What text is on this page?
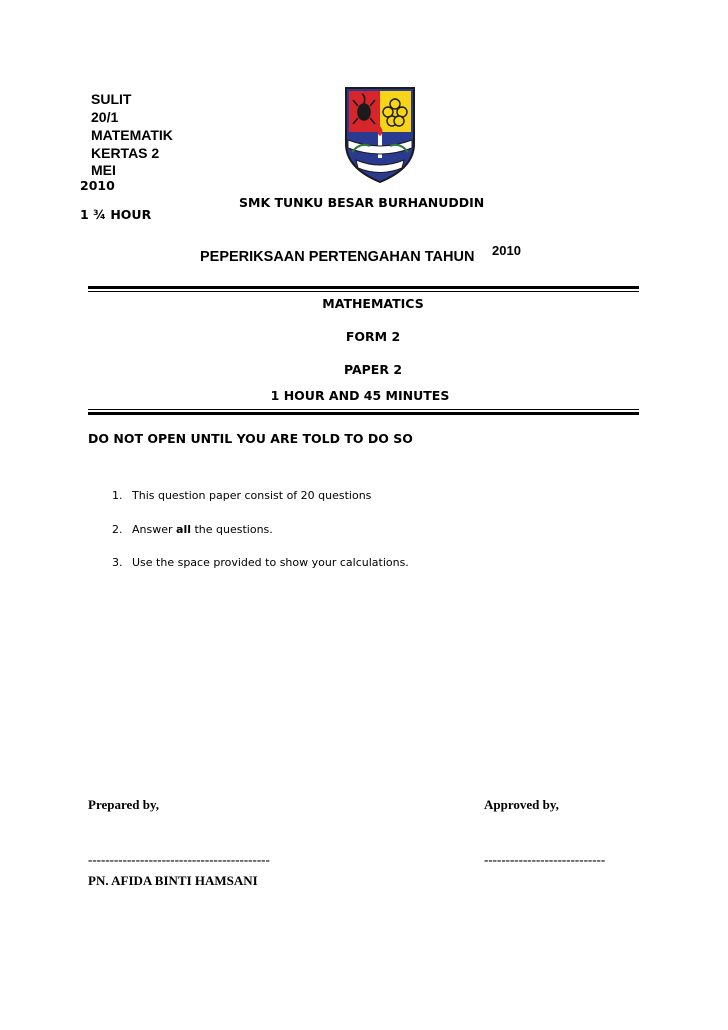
SULIT
20/1
MATEMATIK
KERTAS 2
MEI
2010
1 ¾ HOUR
SMK TUNKU BESAR BURHANUDDIN
PEPERIKSAAN PERTENGAHAN TAHUN 2010
MATHEMATICS
FORM 2
PAPER 2
1 HOUR AND 45 MINUTES
DO NOT OPEN UNTIL YOU ARE TOLD TO DO SO
1. This question paper consist of 20 questions
2. Answer all the questions.
3. Use the space provided to show your calculations.
Prepared by,	Approved by,
------------------------------------------	----------------------------
PN. AFIDA BINTI HAMSANI
